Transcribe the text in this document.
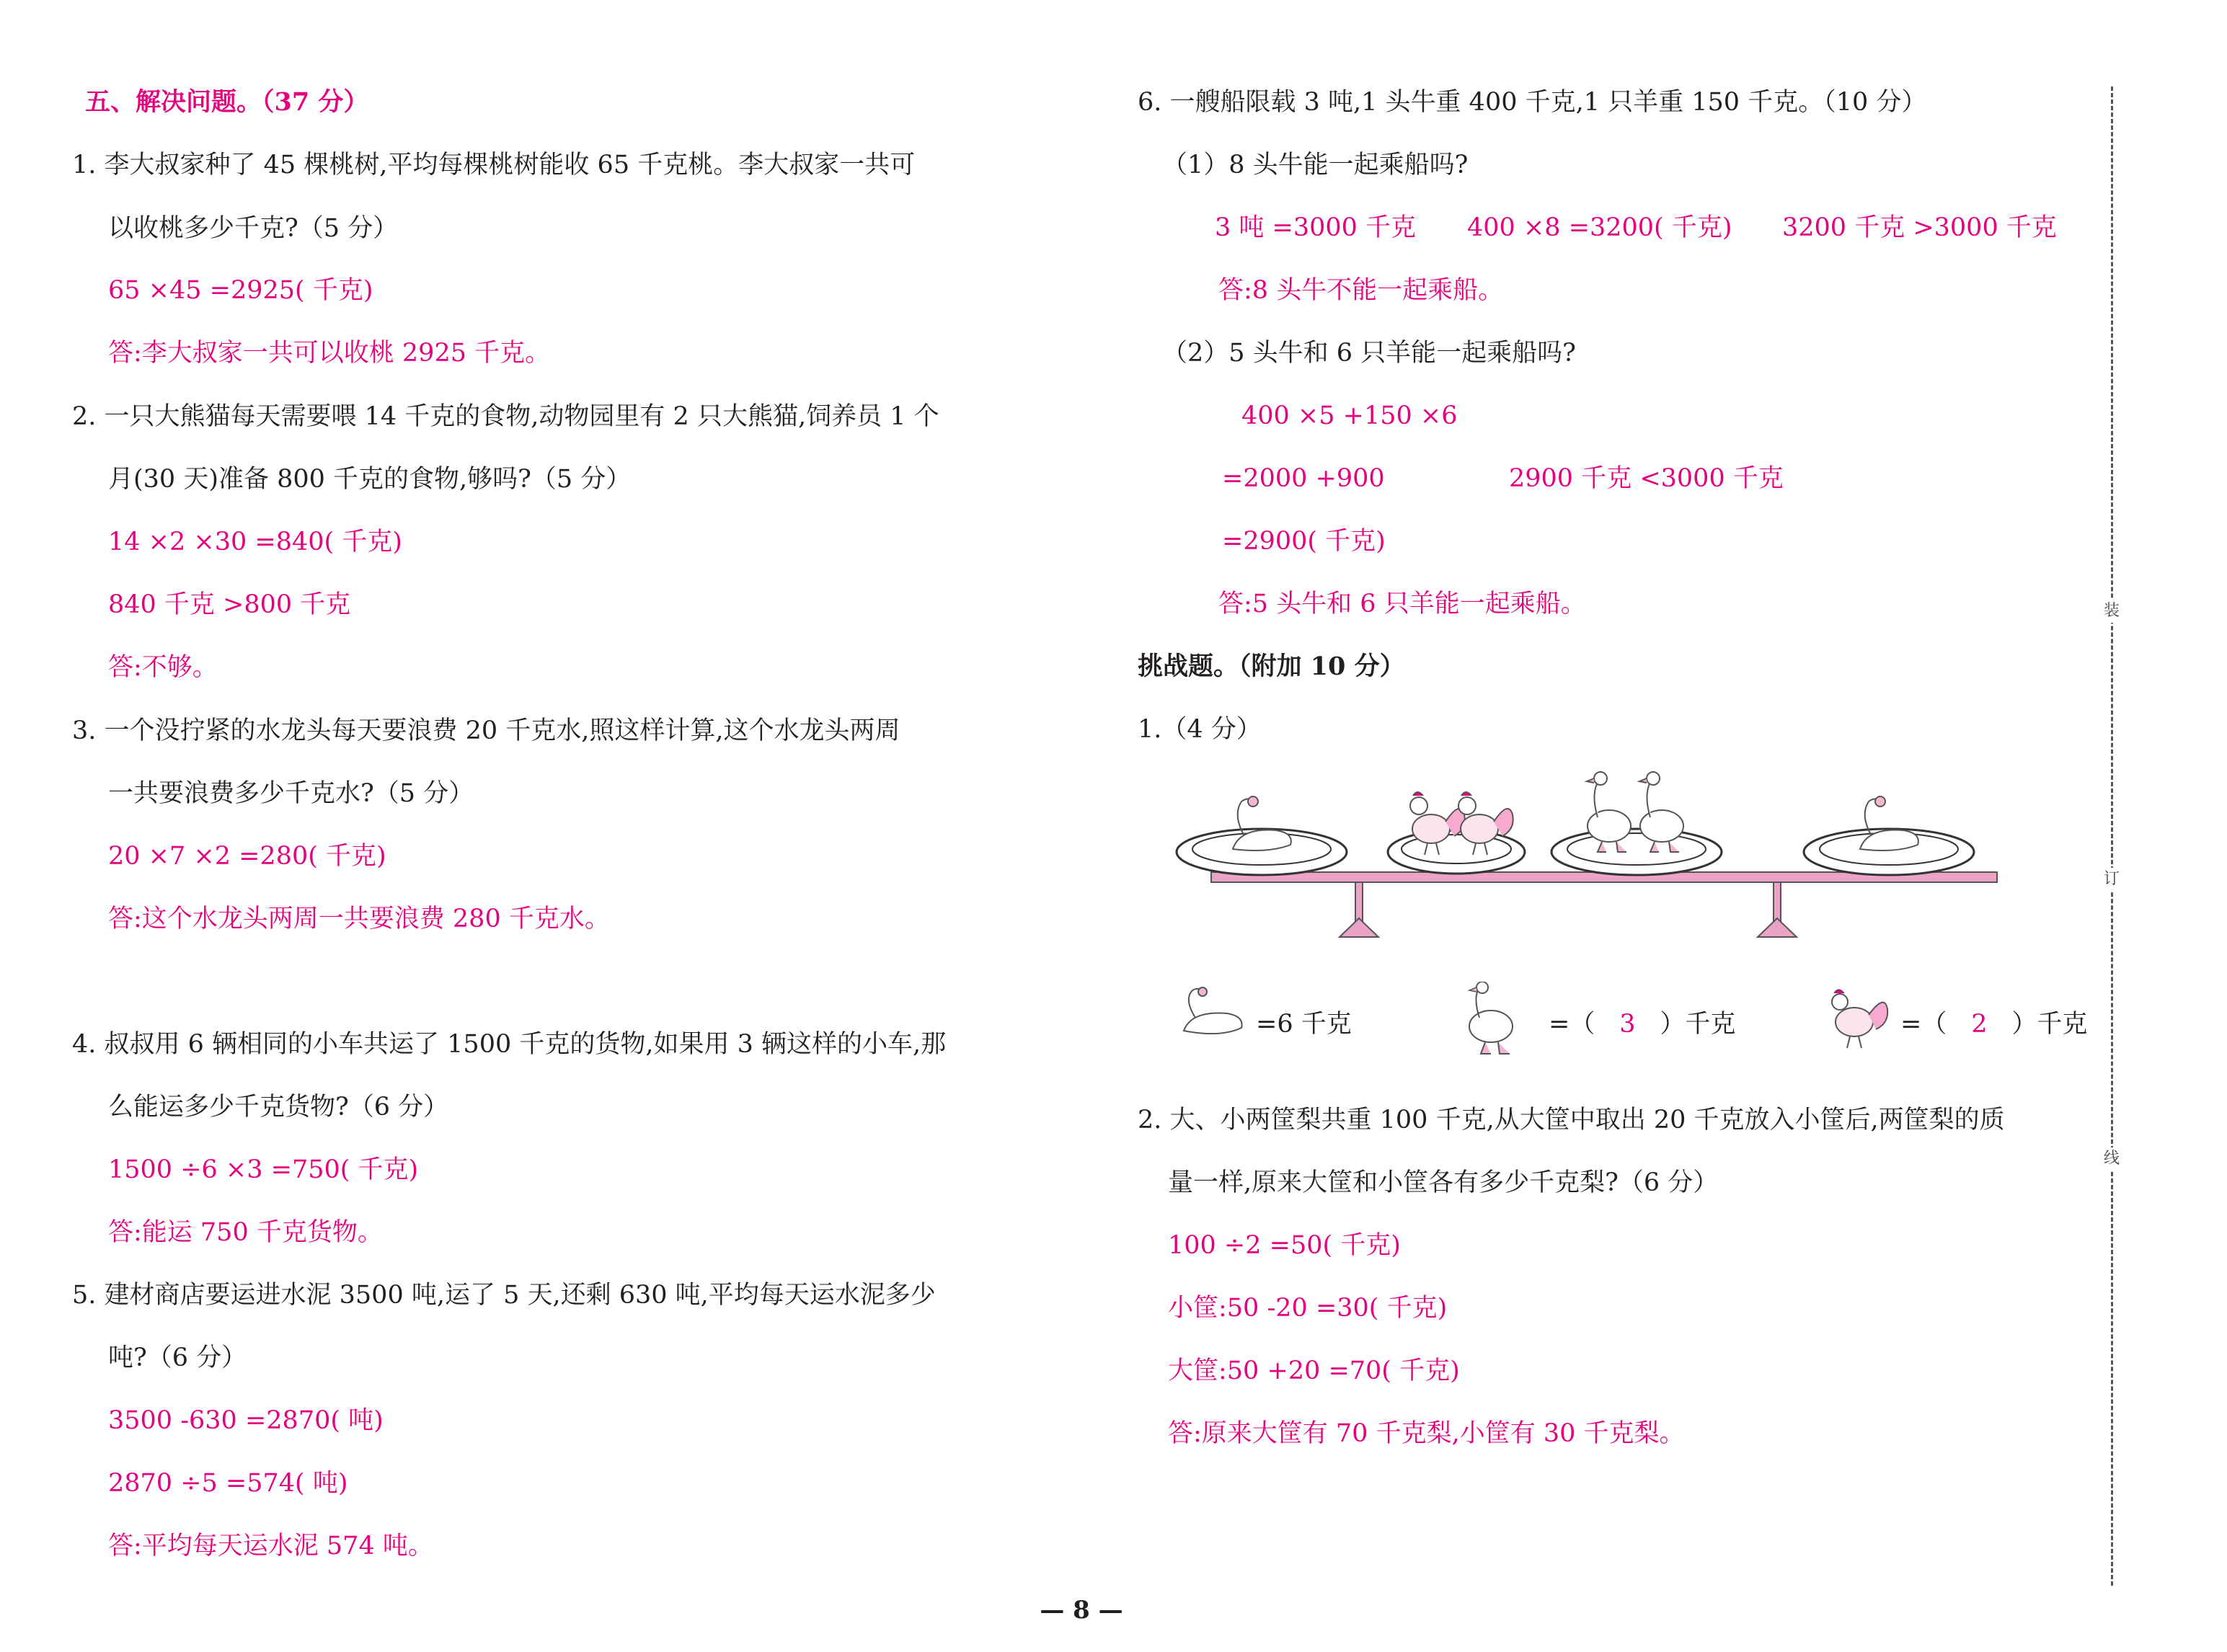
五、解决问题。（37 分）
1. 李大叔家种了 45 棵桃树,平均每棵桃树能收 65 千克桃。李大叔家一共可
以收桃多少千克?（5 分）
65 ×45 =2925( 千克)
答:李大叔家一共可以收桃 2925 千克。
2. 一只大熊猫每天需要喂 14 千克的食物,动物园里有 2 只大熊猫,饲养员 1 个
月(30 天)准备 800 千克的食物,够吗?（5 分）
14 ×2 ×30 =840( 千克)
840 千克 >800 千克
答:不够。
3. 一个没拧紧的水龙头每天要浪费 20 千克水,照这样计算,这个水龙头两周
一共要浪费多少千克水?（5 分）
20 ×7 ×2 =280( 千克)
答:这个水龙头两周一共要浪费 280 千克水。
4. 叔叔用 6 辆相同的小车共运了 1500 千克的货物,如果用 3 辆这样的小车,那
么能运多少千克货物?（6 分）
1500 ÷6 ×3 =750( 千克)
答:能运 750 千克货物。
5. 建材商店要运进水泥 3500 吨,运了 5 天,还剩 630 吨,平均每天运水泥多少
吨?（6 分）
3500 -630 =2870( 吨)
2870 ÷5 =574( 吨)
答:平均每天运水泥 574 吨。
6. 一艘船限载 3 吨,1 头牛重 400 千克,1 只羊重 150 千克。（10 分）
（1）8 头牛能一起乘船吗?
3 吨 =3000 千克 400 ×8 =3200( 千克) 3200 千克 >3000 千克
答:8 头牛不能一起乘船。
（2）5 头牛和 6 只羊能一起乘船吗?
400 ×5 +150 ×6
=2000 +900	2900 千克 <3000 千克
=2900( 千克)
答:5 头牛和 6 只羊能一起乘船。
挑战题。（附加 10 分）
1.（4 分）
=6 千克	=（ 3 ）千克	=（ 2 ）千克
2. 大、小两筐梨共重 100 千克,从大筐中取出 20 千克放入小筐后,两筐梨的质
量一样,原来大筐和小筐各有多少千克梨?（6 分）
100 ÷2 =50( 千克)
小筐:50 -20 =30( 千克)
大筐:50 +20 =70( 千克)
答:原来大筐有 70 千克梨,小筐有 30 千克梨。
装
订
线
— 8 —
